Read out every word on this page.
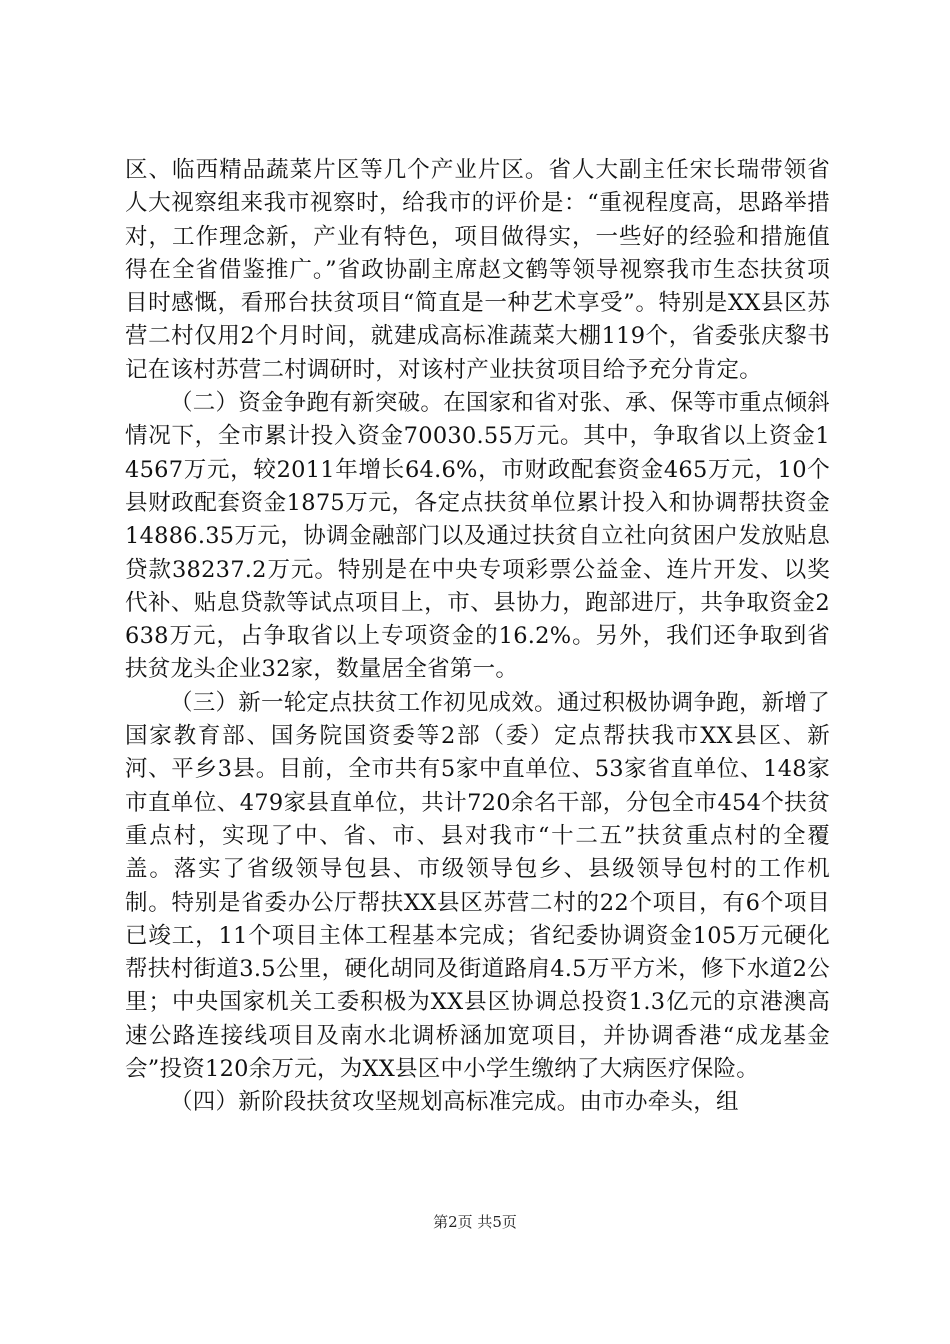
区、临西精品蔬菜片区等几个产业片区。省人大副主任宋长瑞带领省人大视察组来我市视察时，给我市的评价是：“重视程度高，思路举措对，工作理念新，产业有特色，项目做得实，一些好的经验和措施值得在全省借鉴推广。”省政协副主席赵文鹤等领导视察我市生态扶贫项目时感慨，看邢台扶贫项目“简直是一种艺术享受”。特别是XX县区苏营二村仅用2个月时间，就建成高标准蔬菜大棚119个，省委张庆黎书记在该村苏营二村调研时，对该村产业扶贫项目给予充分肯定。

（二）资金争跑有新突破。在国家和省对张、承、保等市重点倾斜情况下，全市累计投入资金70030.55万元。其中，争取省以上资金14567万元，较2011年增长64.6%，市财政配套资金465万元，10个县财政配套资金1875万元，各定点扶贫单位累计投入和协调帮扶资金14886.35万元，协调金融部门以及通过扶贫自立社向贫困户发放贴息贷款38237.2万元。特别是在中央专项彩票公益金、连片开发、以奖代补、贴息贷款等试点项目上，市、县协力，跑部进厅，共争取资金2638万元，占争取省以上专项资金的16.2%。另外，我们还争取到省扶贫龙头企业32家，数量居全省第一。

（三）新一轮定点扶贫工作初见成效。通过积极协调争跑，新增了国家教育部、国务院国资委等2部（委）定点帮扶我市XX县区、新河、平乡3县。目前，全市共有5家中直单位、53家省直单位、148家市直单位、479家县直单位，共计720余名干部，分包全市454个扶贫重点村，实现了中、省、市、县对我市“十二五”扶贫重点村的全覆盖。落实了省级领导包县、市级领导包乡、县级领导包村的工作机制。特别是省委办公厅帮扶XX县区苏营二村的22个项目，有6个项目已竣工，11个项目主体工程基本完成；省纪委协调资金105万元硬化帮扶村街道3.5公里，硬化胡同及街道路肩4.5万平方米，修下水道2公里；中央国家机关工委积极为XX县区协调总投资1.3亿元的京港澳高速公路连接线项目及南水北调桥涵加宽项目，并协调香港“成龙基金会”投资120余万元，为XX县区中小学生缴纳了大病医疗保险。

（四）新阶段扶贫攻坚规划高标准完成。由市办牵头，组

第2页 共5页
